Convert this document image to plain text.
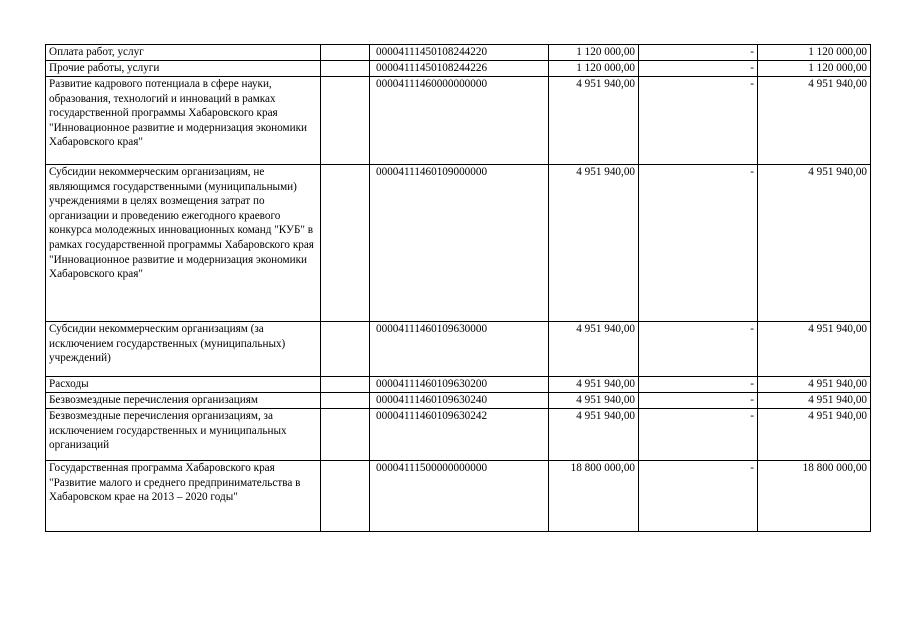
Оплата работ, услуг		00004111450108244220	1 120 000,00	-	1 120 000,00
Прочие работы, услуги		00004111450108244226	1 120 000,00	-	1 120 000,00
Развитие кадрового потенциала в сфере науки, образования, технологий и инноваций в рамках государственной программы Хабаровского края "Инновационное развитие и модернизация экономики Хабаровского края"		00004111460000000000	4 951 940,00	-	4 951 940,00
Субсидии некоммерческим организациям, не являющимся государственными (муниципальными) учреждениями в целях возмещения затрат по организации и проведению ежегодного краевого конкурса молодежных инновационных команд "КУБ" в рамках государственной программы Хабаровского края "Инновационное развитие и модернизация экономики Хабаровского края"		00004111460109000000	4 951 940,00	-	4 951 940,00
Субсидии некоммерческим организациям (за исключением государственных (муниципальных) учреждений)		00004111460109630000	4 951 940,00	-	4 951 940,00
Расходы		00004111460109630200	4 951 940,00	-	4 951 940,00
Безвозмездные перечисления организациям		00004111460109630240	4 951 940,00	-	4 951 940,00
Безвозмездные перечисления организациям, за исключением государственных и муниципальных организаций		00004111460109630242	4 951 940,00	-	4 951 940,00
Государственная программа Хабаровского края "Развитие малого и среднего предпринимательства в Хабаровском крае на 2013 – 2020 годы"		00004111500000000000	18 800 000,00	-	18 800 000,00
